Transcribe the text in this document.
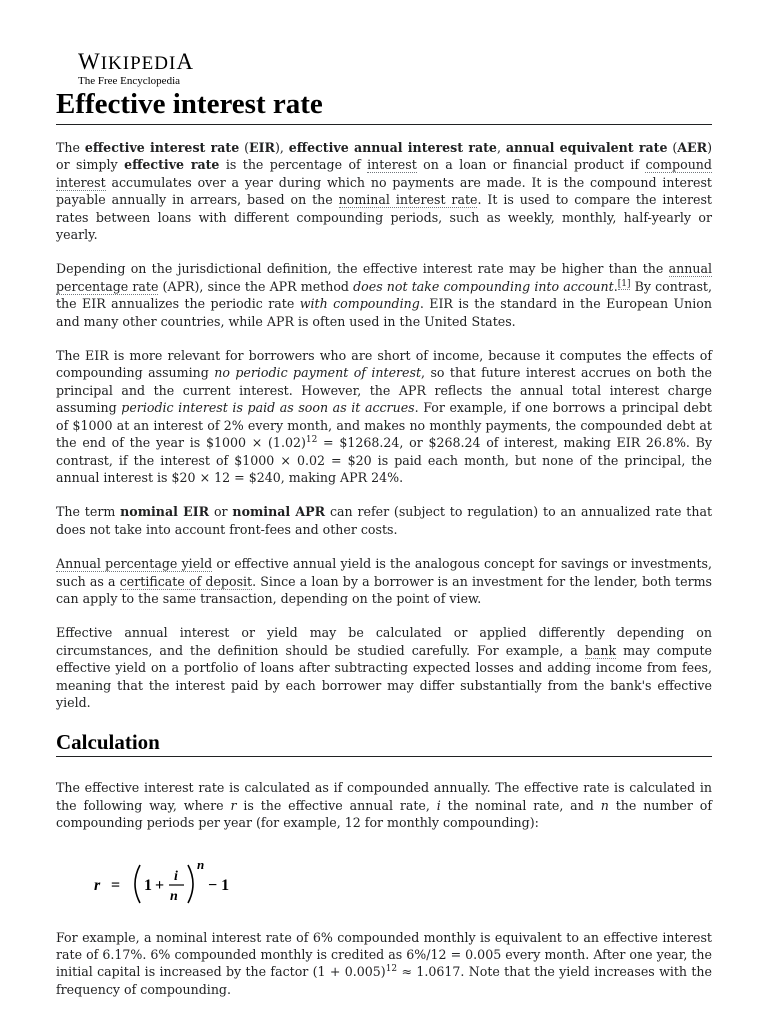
WIKIPEDIA
The Free Encyclopedia
Effective interest rate

The effective interest rate (EIR), effective annual interest rate, annual equivalent rate (AER) or simply effective rate is the percentage of interest on a loan or financial product if compound interest accumulates over a year during which no payments are made. It is the compound interest payable annually in arrears, based on the nominal interest rate. It is used to compare the interest rates between loans with different compounding periods, such as weekly, monthly, half-yearly or yearly.

Depending on the jurisdictional definition, the effective interest rate may be higher than the annual percentage rate (APR), since the APR method does not take compounding into account.[1] By contrast, the EIR annualizes the periodic rate with compounding. EIR is the standard in the European Union and many other countries, while APR is often used in the United States.

The EIR is more relevant for borrowers who are short of income, because it computes the effects of compounding assuming no periodic payment of interest, so that future interest accrues on both the principal and the current interest. However, the APR reflects the annual total interest charge assuming periodic interest is paid as soon as it accrues. For example, if one borrows a principal debt of $1000 at an interest of 2% every month, and makes no monthly payments, the compounded debt at the end of the year is $1000 × $(1.02)^{12}$ = $1268.24, or $268.24 of interest, making EIR 26.8%. By contrast, if the interest of $1000 × 0.02 = $20 is paid each month, but none of the principal, the annual interest is $20 × 12 = $240, making APR 24%.

The term nominal EIR or nominal APR can refer (subject to regulation) to an annualized rate that does not take into account front-fees and other costs.

Annual percentage yield or effective annual yield is the analogous concept for savings or investments, such as a certificate of deposit. Since a loan by a borrower is an investment for the lender, both terms can apply to the same transaction, depending on the point of view.

Effective annual interest or yield may be calculated or applied differently depending on circumstances, and the definition should be studied carefully. For example, a bank may compute effective yield on a portfolio of loans after subtracting expected losses and adding income from fees, meaning that the interest paid by each borrower may differ substantially from the bank's effective yield.

Calculation

The effective interest rate is calculated as if compounded annually. The effective rate is calculated in the following way, where r is the effective annual rate, i the nominal rate, and n the number of compounding periods per year (for example, 12 for monthly compounding):

r = 1 +
i
n
n
− 1

For example, a nominal interest rate of 6% compounded monthly is equivalent to an effective interest rate of 6.17%. 6% compounded monthly is credited as 6%/12 = 0.005 every month. After one year, the initial capital is increased by the factor $(1 + 0.005)^{12} \approx 1.0617$. Note that the yield increases with the frequency of compounding.
